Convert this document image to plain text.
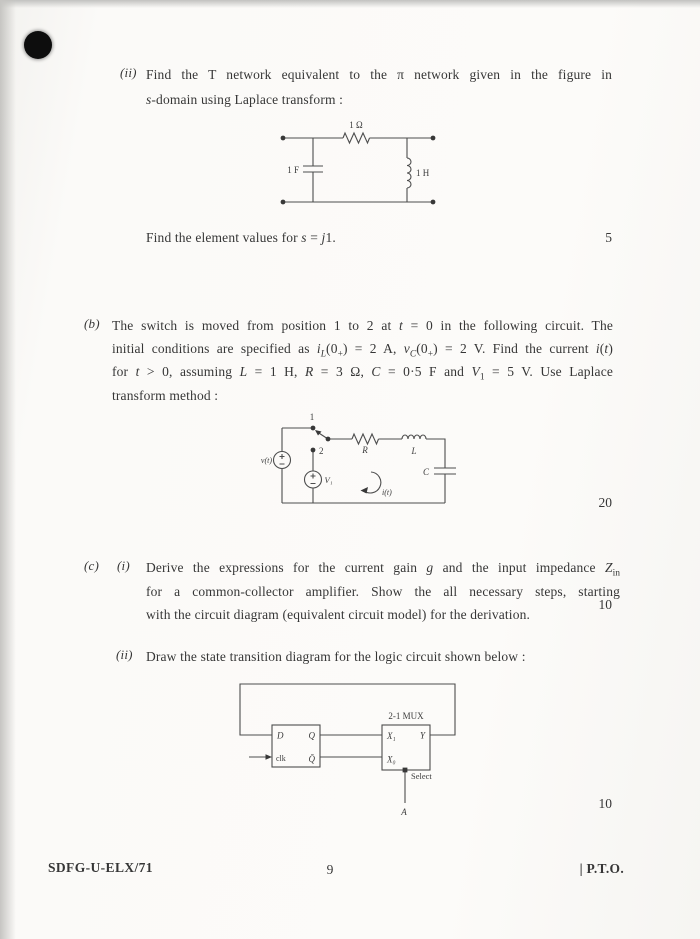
(ii) Find the T network equivalent to the π network given in the figure in
s-domain using Laplace transform :
1 Ω
1 F	1 H
Find the element values for s = j1.	5
(b) The switch is moved from position 1 to 2 at t = 0 in the following circuit. The
initial conditions are specified as $i_L(0_+) = 2$ A, $v_C(0_+) = 2$ V. Find the current i(t)
for t > 0, assuming L = 1 H, R = 3 Ω, C = 0·5 F and $V_1 = 5$ V. Use Laplace
transform method :
v(t)
1
2
V₁
R	L
C
i(t)
20
(c) (i) Derive the expressions for the current gain g and the input impedance $Z_{in}$
for a common-collector amplifier. Show the all necessary steps, starting
with the circuit diagram (equivalent circuit model) for the derivation.
10
(ii) Draw the state transition diagram for the logic circuit shown below :
2-1 MUX
D
clk
Q
Q̄
X₁
X₀
Y
Select
A
10
SDFG-U-ELX/71	9	| P.T.O.
